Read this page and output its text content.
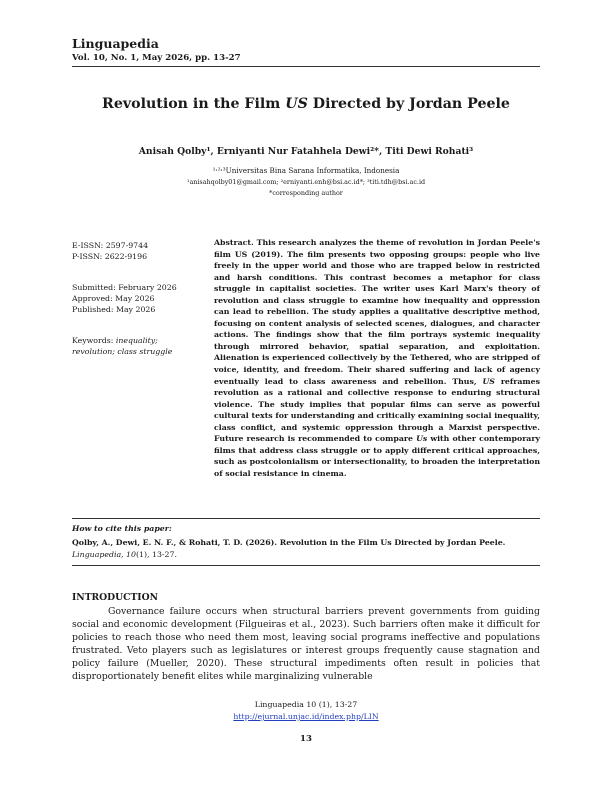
Linguapedia
Vol. 10, No. 1, May 2026, pp. 13-27
Revolution in the Film US Directed by Jordan Peele
Anisah Qolby¹, Erniyanti Nur Fatahhela Dewi²*, Titi Dewi Rohati³
¹˒²˒³Universitas Bina Sarana Informatika, Indonesia
¹anisahqolby01@gmail.com; ²erniyanti.enh@bsi.ac.id*; ³titi.tdh@bsi.ac.id
*corresponding author
E-ISSN: 2597-9744
P-ISSN: 2622-9196
Submitted: February 2026
Approved: May 2026
Published: May 2026
Keywords: inequality; revolution; class struggle
Abstract. This research analyzes the theme of revolution in Jordan Peele's film US (2019). The film presents two opposing groups: people who live freely in the upper world and those who are trapped below in restricted and harsh conditions. This contrast becomes a metaphor for class struggle in capitalist societies. The writer uses Karl Marx's theory of revolution and class struggle to examine how inequality and oppression can lead to rebellion. The study applies a qualitative descriptive method, focusing on content analysis of selected scenes, dialogues, and character actions. The findings show that the film portrays systemic inequality through mirrored behavior, spatial separation, and exploitation. Alienation is experienced collectively by the Tethered, who are stripped of voice, identity, and freedom. Their shared suffering and lack of agency eventually lead to class awareness and rebellion. Thus, US reframes revolution as a rational and collective response to enduring structural violence. The study implies that popular films can serve as powerful cultural texts for understanding and critically examining social inequality, class conflict, and systemic oppression through a Marxist perspective. Future research is recommended to compare Us with other contemporary films that address class struggle or to apply different critical approaches, such as postcolonialism or intersectionality, to broaden the interpretation of social resistance in cinema.
How to cite this paper:
Qolby, A., Dewi, E. N. F., & Rohati, T. D. (2026). Revolution in the Film Us Directed by Jordan Peele. Linguapedia, 10(1), 13-27.
INTRODUCTION
Governance failure occurs when structural barriers prevent governments from guiding social and economic development (Filgueiras et al., 2023). Such barriers often make it difficult for policies to reach those who need them most, leaving social programs ineffective and populations frustrated. Veto players such as legislatures or interest groups frequently cause stagnation and policy failure (Mueller, 2020). These structural impediments often result in policies that disproportionately benefit elites while marginalizing vulnerable
Linguapedia 10 (1), 13-27
http://ejurnal.unjac.id/index.php/LIN
13
